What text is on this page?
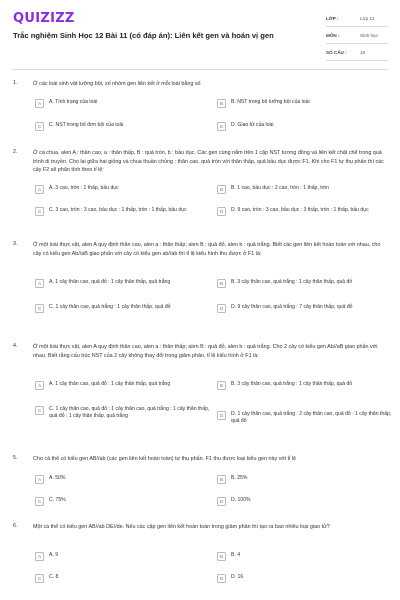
QUIZIZZ
Trắc nghiệm Sinh Học 12 Bài 11 (có đáp án): Liên kết gen và hoán vị gen
LỚP :	Lớp 12
MÔN :	Sinh học
SỐ CÂU :	16
1.	Ở các loài sinh vật lưỡng bội, số nhóm gen liên kết ở mỗi loài bằng số
A	A. Tính trạng của loài	B	B. NST trong bộ lưỡng bội của loài
C	C. NST trong bộ đơn bội của loài	D	D. Giao tử của loài
2.	Ở cà chua, alen A : thân cao, a : thân thấp, B : quả tròn, b : bầu dục. Các gen cùng nằm trên 1 cặp NST tương đồng và liên kết chặt chẽ trong quá trình di truyền. Cho lai giữa hai giống và chua thuần chủng : thân cao, quả tròn với thân thấp, quả bầu dục được F1. Khi cho F1 tự thụ phấn thì các cây F2 sẽ phân tính theo tỉ lệ:
A	A. 3 cao, tròn : 1 thấp, bầu dục	B	B. 1 cao, bầu dục : 2 cao, tròn : 1 thấp, tròn
C	C. 3 cao, tròn : 3 cao, bầu dục : 1 thấp, tròn : 1 thấp, bầu dục	D	D. 9 cao, tròn : 3 cao, bầu dục : 3 thấp, tròn : 1 thấp, bầu dục
3.	Ở một loài thực vật, alen A quy định thân cao, alen a : thân thấp; alen B : quả đỏ, alen b : quả trắng. Biết các gen liên kết hoàn toàn với nhau, cho cây có kiểu gen Ab//aB giao phấn với cây có kiểu gen ab//ab thì tỉ lệ kiểu hình thu được ở F1 là:
A	A. 1 cây thân cao, quả đỏ : 1 cây thân thấp, quả trắng	B	B. 3 cây thân cao, quả trắng : 1 cây thân thấp, quả đỏ
C	C. 1 cây thân cao, quả trắng : 1 cây thân thấp, quả đỏ	D	D. 9 cây thân cao, quả trắng : 7 cây thân thấp, quả đỏ
4.	Ở một loài thực vật, alen A quy định thân cao, alen a : thân thấp; alen B : quả đỏ, alen b : quả trắng. Cho 2 cây có kiểu gen Ab//aB giao phấn với nhau. Biết rằng cấu trúc NST của 2 cây không thay đổi trong giảm phân, tỉ lệ kiểu hình ở F1 là:
A	A. 1 cây thân cao, quả đỏ : 1 cây thân thấp, quả trắng	B	B. 3 cây thân cao, quả trắng : 1 cây thân thấp, quả đỏ
C	C. 1 cây thân cao, quả đỏ : 1 cây thân cao, quả trắng : 1 cây thân thấp, quả đỏ : 1 cây thân thấp, quả trắng	D	D. 1 cây thân cao, quả trắng : 2 cây thân cao, quả đỏ : 1 cây thân thấp, quả đỏ
5.	Cho cá thể có kiểu gen AB//ab (các gen liên kết hoàn toàn) tự thụ phấn. F1 thu được loại kiểu gen này với tỉ lệ
A	A. 50%	B	B. 25%
C	C. 75%	D	D. 100%
6.	Một cá thể có kiểu gen AB//ab DE//de. Nếu các cặp gen liên kết hoàn toàn trong giảm phân thì tạo ra bao nhiêu loại giao tử?
A	A. 9	B	B. 4
C	C. 8	D	D. 16
